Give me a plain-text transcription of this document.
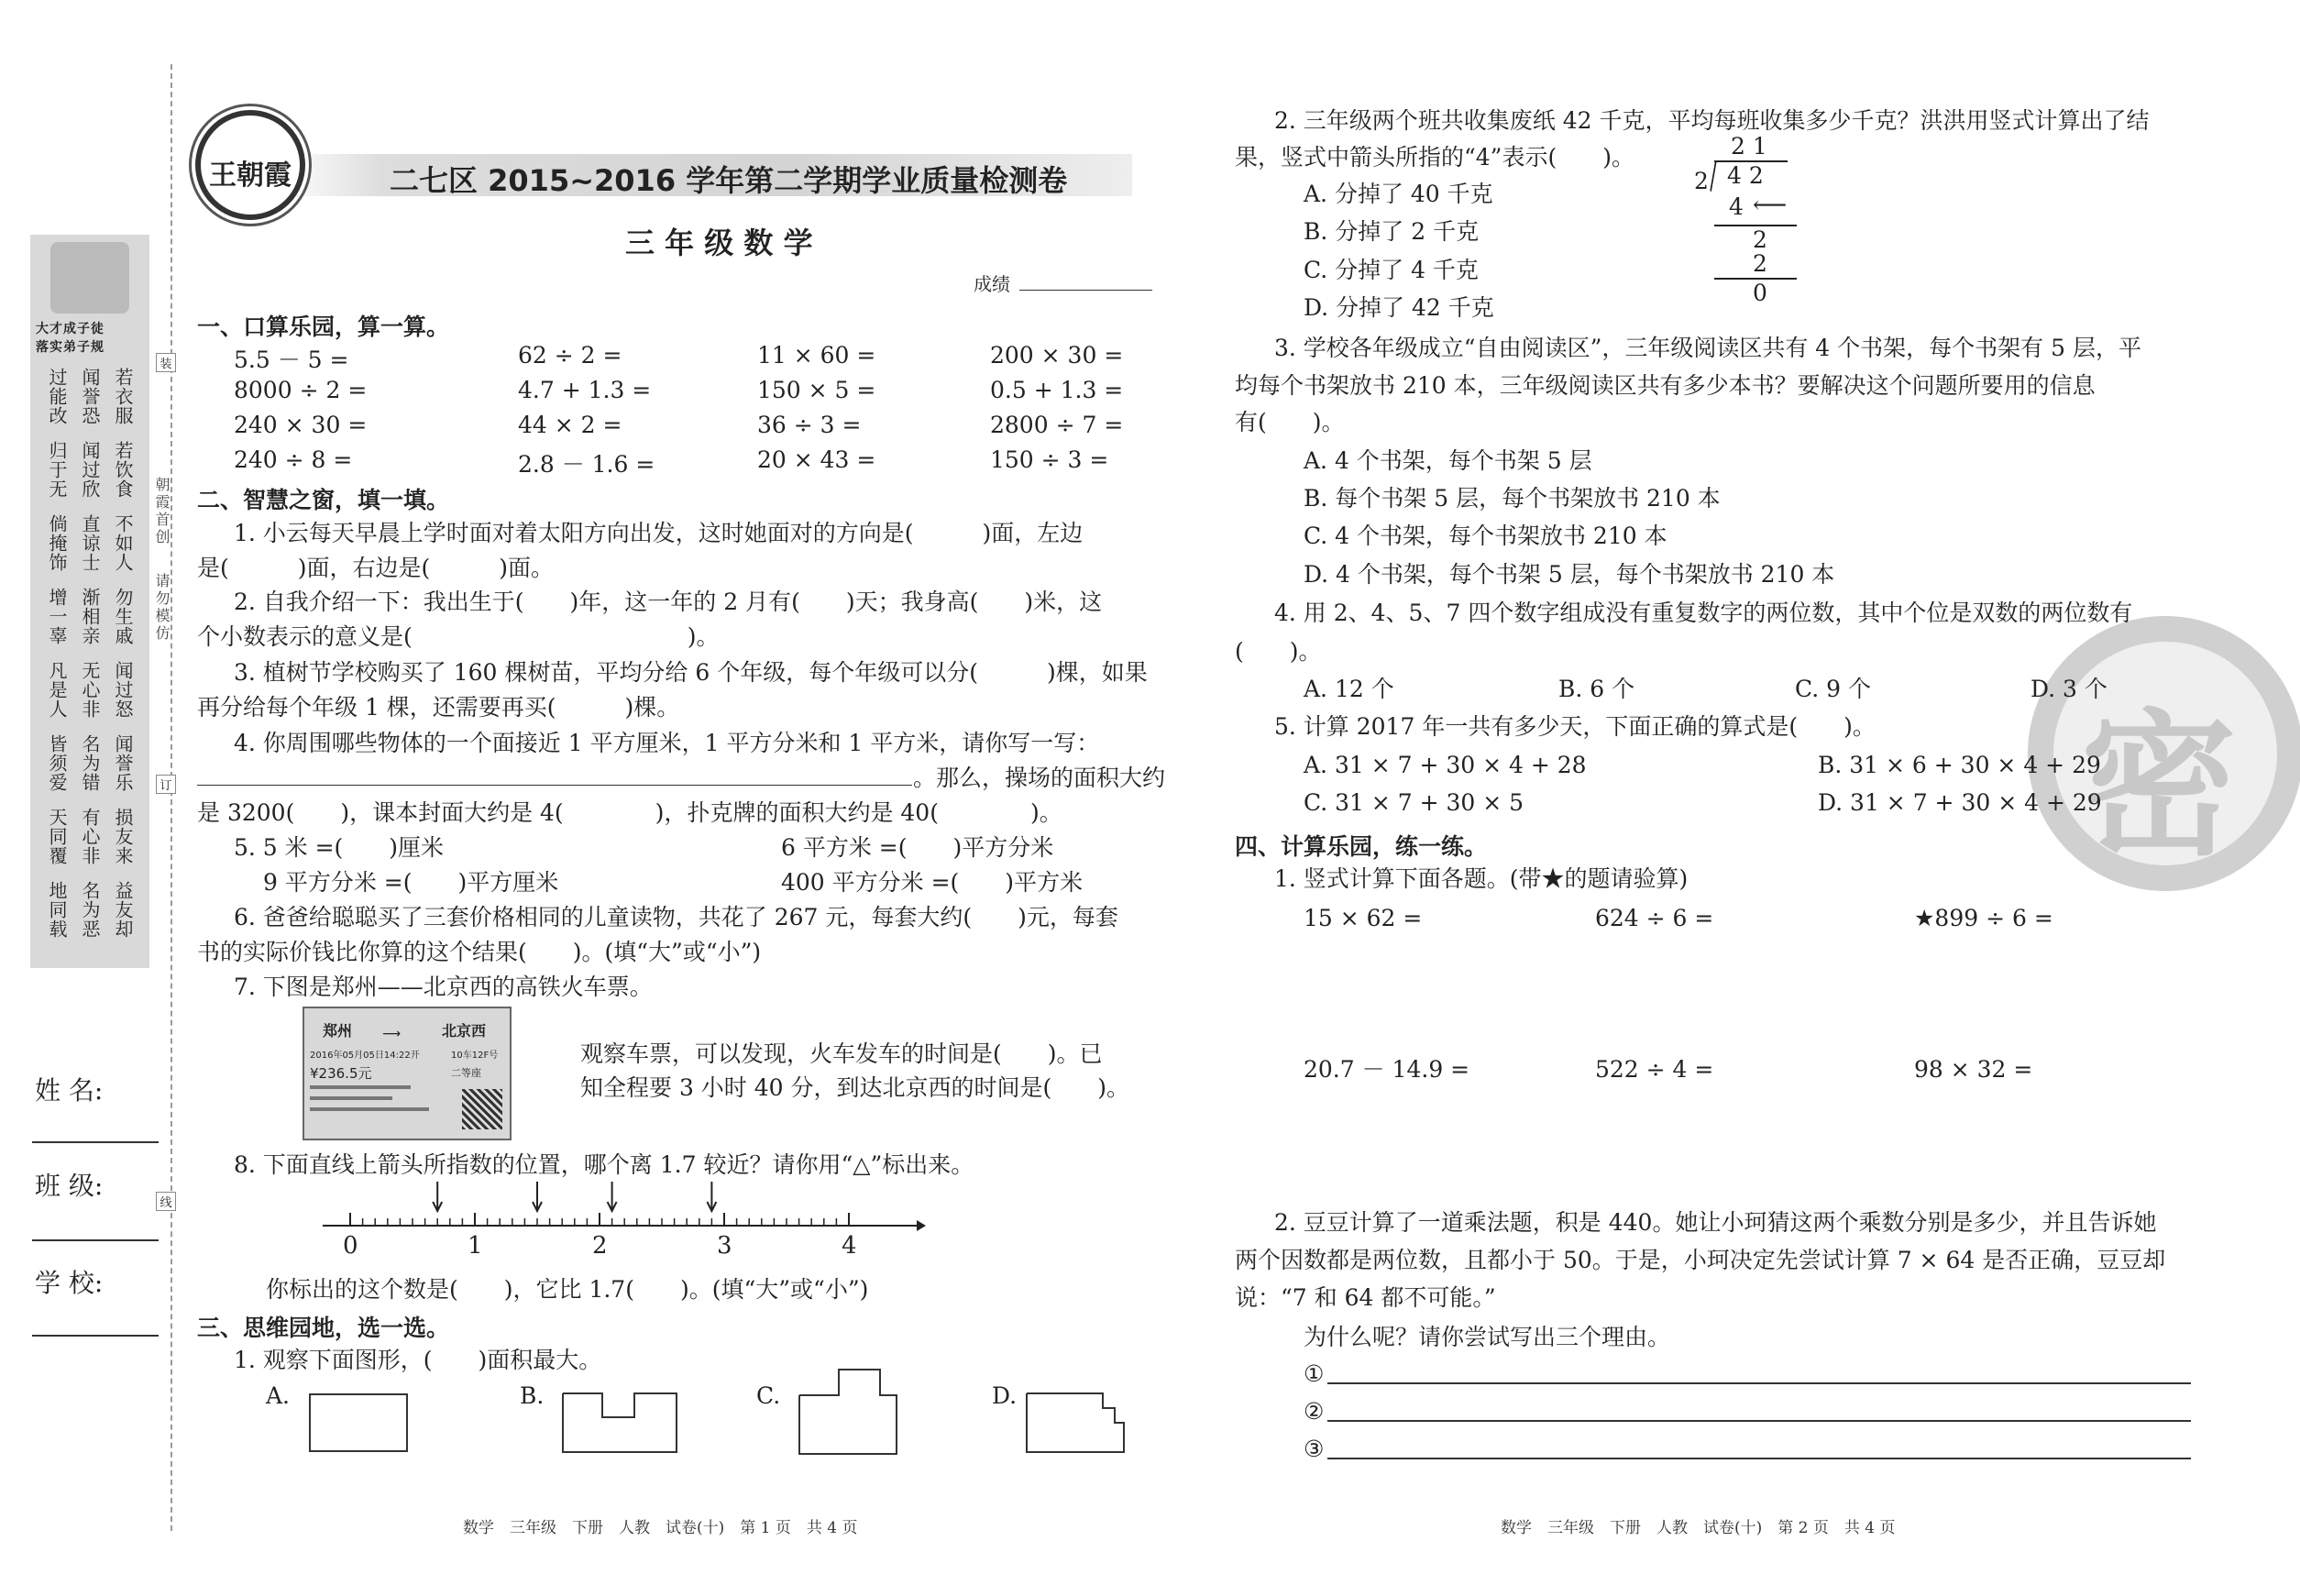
大才成子徒
落实弟子规
过能改 闻誉恐 若衣服
归于无 闻过欣 若饮食
倘掩饰 直谅士 不如人
增一辜 渐相亲 勿生戚
凡是人 无心非 闻过怒
皆须爱 名为错 闻誉乐
天同覆 有心非 损友来
地同载 名为恶 益友却
装
订
线
朝霞首创
请勿模仿
姓 名:
班 级:
学 校:
王朝霞	二七区 2015~2016 学年第二学期学业质量检测卷
三 年 级 数 学
成绩
一、口算乐园，算一算。
5.5 － 5 =	62 ÷ 2 =	11 × 60 =	200 × 30 =
8000 ÷ 2 =	4.7 + 1.3 =	150 × 5 =	0.5 + 1.3 =
240 × 30 =	44 × 2 =	36 ÷ 3 =	2800 ÷ 7 =
240 ÷ 8 =	2.8 － 1.6 =	20 × 43 =	150 ÷ 3 =
二、智慧之窗，填一填。
1. 小云每天早晨上学时面对着太阳方向出发，这时她面对的方向是(　　　)面，左边
是(　　　)面，右边是(　　　)面。
2. 自我介绍一下：我出生于(　　)年，这一年的 2 月有(　　)天；我身高(　　)米，这
个小数表示的意义是(　　　　　　　　　　　　)。
3. 植树节学校购买了 160 棵树苗，平均分给 6 个年级，每个年级可以分(　　　)棵，如果
再分给每个年级 1 棵，还需要再买(　　　)棵。
4. 你周围哪些物体的一个面接近 1 平方厘米，1 平方分米和 1 平方米，请你写一写：
。那么，操场的面积大约
是 3200(　　)，课本封面大约是 4(　　　　)，扑克牌的面积大约是 40(　　　　)。
5. 5 米 =(　　)厘米	6 平方米 =(　　)平方分米
9 平方分米 =(　　)平方厘米	400 平方分米 =(　　)平方米
6. 爸爸给聪聪买了三套价格相同的儿童读物，共花了 267 元，每套大约(　　)元，每套
书的实际价钱比你算的这个结果(　　)。(填“大”或“小”)
7. 下图是郑州——北京西的高铁火车票。
郑州	北京西
⟶
2016年05月05日14:22开	10车12F号
¥236.5元	二等座
观察车票，可以发现，火车发车的时间是(　　)。已
知全程要 3 小时 40 分，到达北京西的时间是(　　)。
8. 下面直线上箭头所指数的位置，哪个离 1.7 较近？请你用“△”标出来。
0	1	2	3	4
你标出的这个数是(　　)，它比 1.7(　　)。(填“大”或“小”)
三、思维园地，选一选。
1. 观察下面图形，(　　)面积最大。
A.	B.	C.	D.
数学　三年级　下册　人教　试卷(十)　第 1 页　共 4 页
密
2. 三年级两个班共收集废纸 42 千克，平均每班收集多少千克？洪洪用竖式计算出了结
果，竖式中箭头所指的“4”表示(　　)。
A. 分掉了 40 千克
B. 分掉了 2 千克
C. 分掉了 4 千克
D. 分掉了 42 千克
2 1
2 4 2
4 ⟵
2
2
0
3. 学校各年级成立“自由阅读区”，三年级阅读区共有 4 个书架，每个书架有 5 层，平
均每个书架放书 210 本，三年级阅读区共有多少本书？要解决这个问题所要用的信息
有(　　)。
A. 4 个书架，每个书架 5 层
B. 每个书架 5 层，每个书架放书 210 本
C. 4 个书架，每个书架放书 210 本
D. 4 个书架，每个书架 5 层，每个书架放书 210 本
4. 用 2、4、5、7 四个数字组成没有重复数字的两位数，其中个位是双数的两位数有
(　　)。
A. 12 个	B. 6 个	C. 9 个	D. 3 个
5. 计算 2017 年一共有多少天，下面正确的算式是(　　)。
A. 31 × 7 + 30 × 4 + 28	B. 31 × 6 + 30 × 4 + 29
C. 31 × 7 + 30 × 5	D. 31 × 7 + 30 × 4 + 29
四、计算乐园，练一练。
1. 竖式计算下面各题。(带★的题请验算)
15 × 62 =	624 ÷ 6 =	★899 ÷ 6 =
20.7 － 14.9 =	522 ÷ 4 =	98 × 32 =
2. 豆豆计算了一道乘法题，积是 440。她让小珂猜这两个乘数分别是多少，并且告诉她
两个因数都是两位数，且都小于 50。于是，小珂决定先尝试计算 7 × 64 是否正确，豆豆却
说：“7 和 64 都不可能。”
为什么呢？请你尝试写出三个理由。
①
②
③
数学　三年级　下册　人教　试卷(十)　第 2 页　共 4 页
